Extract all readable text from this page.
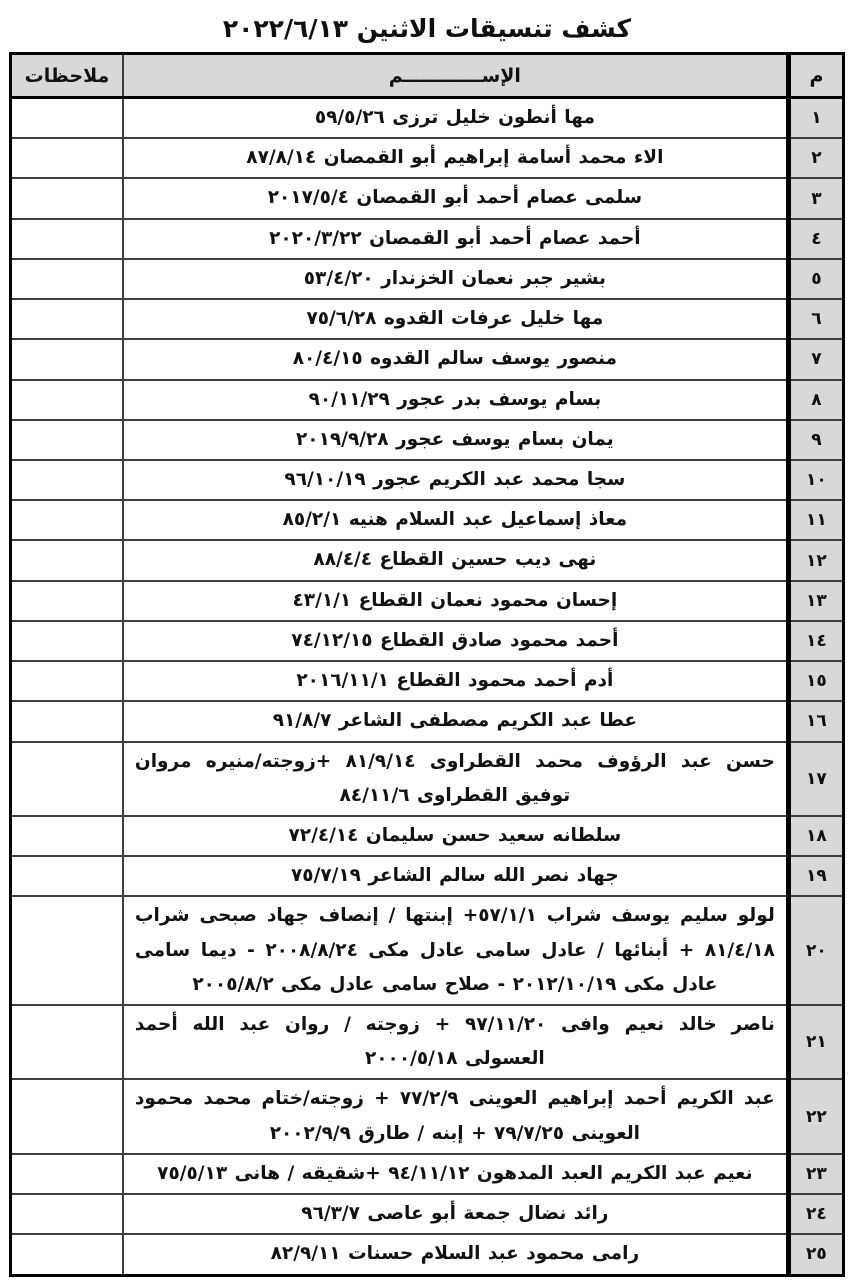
كشف تنسيقات الاثنين ٢٠٢٢/٦/١٣
م	الإســــــــــــم	ملاحظات
١	مها أنطون خليل ترزى ٥٩/٥/٢٦	
٢	الاء محمد أسامة إبراهيم أبو القمصان ٨٧/٨/١٤	
٣	سلمى عصام أحمد أبو القمصان ٢٠١٧/٥/٤	
٤	أحمد عصام أحمد أبو القمصان ٢٠٢٠/٣/٢٢	
٥	بشير جبر نعمان الخزندار ٥٣/٤/٢٠	
٦	مها خليل عرفات القدوه ٧٥/٦/٢٨	
٧	منصور يوسف سالم القدوه ٨٠/٤/١٥	
٨	بسام يوسف بدر عجور ٩٠/١١/٢٩	
٩	يمان بسام يوسف عجور ٢٠١٩/٩/٢٨	
١٠	سجا محمد عبد الكريم عجور ٩٦/١٠/١٩	
١١	معاذ إسماعيل عبد السلام هنيه ٨٥/٢/١	
١٢	نهى ديب حسين القطاع ٨٨/٤/٤	
١٣	إحسان محمود نعمان القطاع ٤٣/١/١	
١٤	أحمد محمود صادق القطاع ٧٤/١٢/١٥	
١٥	أدم أحمد محمود القطاع ٢٠١٦/١١/١	
١٦	عطا عبد الكريم مصطفى الشاعر ٩١/٨/٧	
١٧	حسن عبد الرؤوف محمد القطراوى ٨١/٩/١٤ +زوجته/منيره مروان توفيق القطراوى ٨٤/١١/٦	
١٨	سلطانه سعيد حسن سليمان ٧٢/٤/١٤	
١٩	جهاد نصر الله سالم الشاعر ٧٥/٧/١٩	
٢٠	لولو سليم يوسف شراب ٥٧/١/١+ إبنتها / إنصاف جهاد صبحى شراب ٨١/٤/١٨ + أبنائها / عادل سامى عادل مكى ٢٠٠٨/٨/٢٤ - ديما سامى عادل مكى ٢٠١٢/١٠/١٩ - صلاح سامى عادل مكى ٢٠٠٥/٨/٢	
٢١	ناصر خالد نعيم وافى ٩٧/١١/٢٠ + زوجته / روان عبد الله أحمد العسولى ٢٠٠٠/٥/١٨	
٢٢	عبد الكريم أحمد إبراهيم العوينى ٧٧/٢/٩ + زوجته/ختام محمد محمود العوينى ٧٩/٧/٢٥ + إبنه / طارق ٢٠٠٢/٩/٩	
٢٣	نعيم عبد الكريم العبد المدهون ٩٤/١١/١٢ +شقيقه / هانى ٧٥/٥/١٣	
٢٤	رائد نضال جمعة أبو عاصى ٩٦/٣/٧	
٢٥	رامى محمود عبد السلام حسنات ٨٢/٩/١١	
